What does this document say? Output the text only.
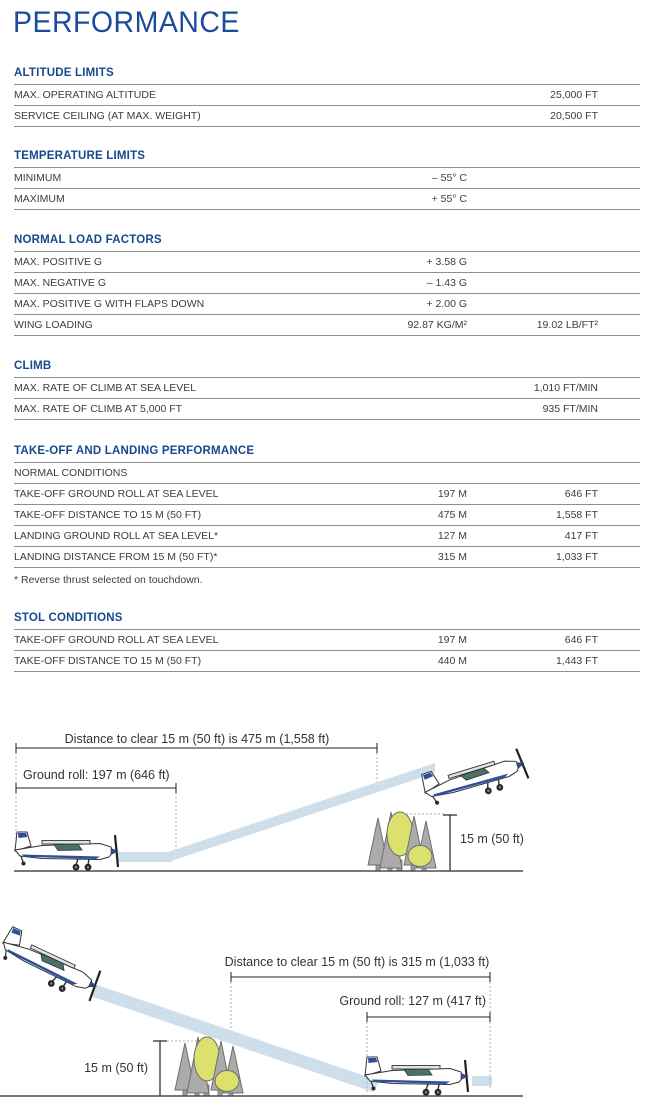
PERFORMANCE
ALTITUDE LIMITS
MAX. OPERATING ALTITUDE	25,000 FT
SERVICE CEILING (AT MAX. WEIGHT)	20,500 FT
TEMPERATURE LIMITS
MINIMUM	– 55° C
MAXIMUM	+ 55° C
NORMAL LOAD FACTORS
MAX. POSITIVE G	+ 3.58 G
MAX. NEGATIVE G	– 1.43 G
MAX. POSITIVE G WITH FLAPS DOWN	+ 2.00 G
WING LOADING	92.87 KG/M²	19.02 LB/FT²
CLIMB
MAX. RATE OF CLIMB AT SEA LEVEL	1,010 FT/MIN
MAX. RATE OF CLIMB AT 5,000 FT	935 FT/MIN
TAKE-OFF AND LANDING PERFORMANCE
NORMAL CONDITIONS
TAKE-OFF GROUND ROLL AT SEA LEVEL	197 M	646 FT
TAKE-OFF DISTANCE TO 15 M (50 FT)	475 M	1,558 FT
LANDING GROUND ROLL AT SEA LEVEL*	127 M	417 FT
LANDING DISTANCE FROM 15 M (50 FT)*	315 M	1,033 FT
* Reverse thrust selected on touchdown.
STOL CONDITIONS
TAKE-OFF GROUND ROLL AT SEA LEVEL	197 M	646 FT
TAKE-OFF DISTANCE TO 15 M (50 FT)	440 M	1,443 FT
Distance to clear 15 m (50 ft) is 475 m (1,558 ft)
Ground roll: 197 m (646 ft)
15 m (50 ft)
Distance to clear 15 m (50 ft) is 315 m (1,033 ft)
Ground roll: 127 m (417 ft)
15 m (50 ft)
